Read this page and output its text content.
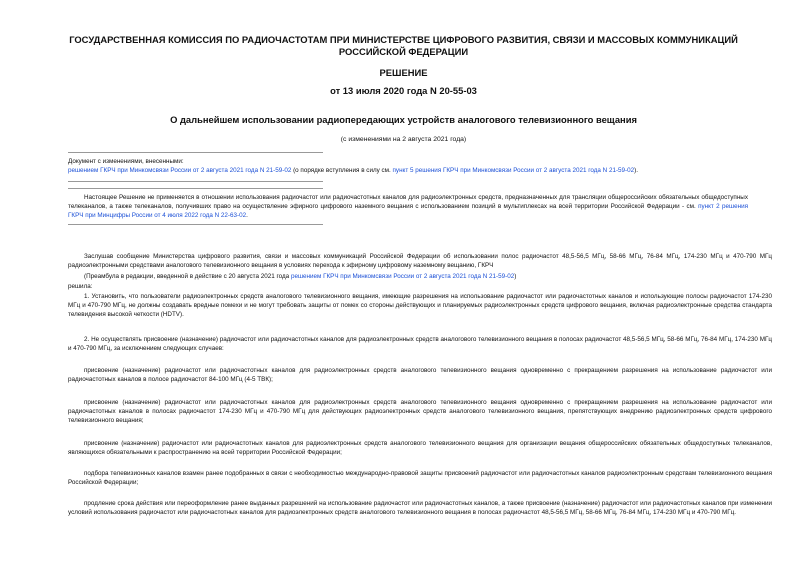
ГОСУДАРСТВЕННАЯ КОМИССИЯ ПО РАДИОЧАСТОТАМ ПРИ МИНИСТЕРСТВЕ ЦИФРОВОГО РАЗВИТИЯ, СВЯЗИ И МАССОВЫХ КОММУНИКАЦИЙ РОССИЙСКОЙ ФЕДЕРАЦИИ
РЕШЕНИЕ
от 13 июля 2020 года N 20-55-03
О дальнейшем использовании радиопередающих устройств аналогового телевизионного вещания
(с изменениями на 2 августа 2021 года)
Документ с изменениями, внесенными:
решением ГКРЧ при Минкомсвязи России от 2 августа 2021 года N 21-59-02 (о порядке вступления в силу см. пункт 5 решения ГКРЧ при Минкомсвязи России от 2 августа 2021 года N 21-59-02).
Настоящее Решение не применяется в отношении использования радиочастот или радиочастотных каналов для радиоэлектронных средств, предназначенных для трансляции общероссийских обязательных общедоступных телеканалов, а также телеканалов, получивших право на осуществление эфирного цифрового наземного вещания с использованием позиций в мультиплексах на всей территории Российской Федерации - см. пункт 2 решения ГКРЧ при Минцифры России от 4 июля 2022 года N 22-63-02.
Заслушав сообщение Министерства цифрового развития, связи и массовых коммуникаций Российской Федерации об использовании полос радиочастот 48,5-56,5 МГц, 58-66 МГц, 76-84 МГц, 174-230 МГц и 470-790 МГц радиоэлектронными средствами аналогового телевизионного вещания в условиях перехода к эфирному цифровому наземному вещанию, ГКРЧ
(Преамбула в редакции, введенной в действие с 20 августа 2021 года решением ГКРЧ при Минкомсвязи России от 2 августа 2021 года N 21-59-02)
решила:
1. Установить, что пользователи радиоэлектронных средств аналогового телевизионного вещания, имеющие разрешения на использование радиочастот или радиочастотных каналов и использующие полосы радиочастот 174-230 МГц и 470-790 МГц, не должны создавать вредные помехи и не могут требовать защиты от помех со стороны действующих и планируемых радиоэлектронных средств цифрового вещания, включая радиоэлектронные средства стандарта телевидения высокой четкости (HDTV).
2. Не осуществлять присвоение (назначение) радиочастот или радиочастотных каналов для радиоэлектронных средств аналогового телевизионного вещания в полосах радиочастот 48,5-56,5 МГц, 58-66 МГц, 76-84 МГц, 174-230 МГц и 470-790 МГц, за исключением следующих случаев:
присвоение (назначение) радиочастот или радиочастотных каналов для радиоэлектронных средств аналогового телевизионного вещания одновременно с прекращением разрешения на использование радиочастот или радиочастотных каналов в полосе радиочастот 84-100 МГц (4-5 ТВК);
присвоение (назначение) радиочастот или радиочастотных каналов для радиоэлектронных средств аналогового телевизионного вещания одновременно с прекращением разрешения на использование радиочастот или радиочастотных каналов в полосах радиочастот 174-230 МГц и 470-790 МГц для действующих радиоэлектронных средств аналогового телевизионного вещания, препятствующих внедрению радиоэлектронных средств цифрового телевизионного вещания;
присвоение (назначение) радиочастот или радиочастотных каналов для радиоэлектронных средств аналогового телевизионного вещания для организации вещания общероссийских обязательных общедоступных телеканалов, являющихся обязательными к распространению на всей территории Российской Федерации;
подбора телевизионных каналов взамен ранее подобранных в связи с необходимостью международно-правовой защиты присвоений радиочастот или радиочастотных каналов радиоэлектронным средствам телевизионного вещания Российской Федерации;
продление срока действия или переоформление ранее выданных разрешений на использование радиочастот или радиочастотных каналов, а также присвоение (назначение) радиочастот или радиочастотных каналов при изменении условий использования радиочастот или радиочастотных каналов для радиоэлектронных средств аналогового телевизионного вещания в полосах радиочастот 48,5-56,5 МГц, 58-66 МГц, 76-84 МГц, 174-230 МГц и 470-790 МГц.
